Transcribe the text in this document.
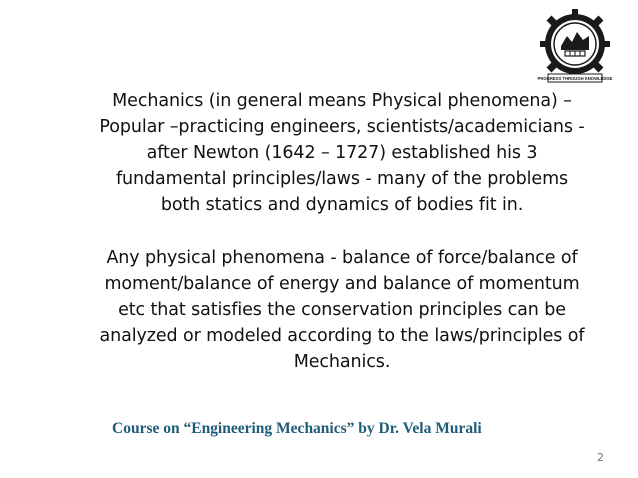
PROGRESS THROUGH KNOWLEDGE

Mechanics (in general means Physical phenomena) –
Popular –practicing engineers, scientists/academicians -
after Newton (1642 – 1727) established his 3
fundamental principles/laws - many of the problems
both statics and dynamics of bodies fit in.

Any physical phenomena - balance of force/balance of
moment/balance of energy and balance of momentum
etc that satisfies the conservation principles can be
analyzed or modeled according to the laws/principles of
Mechanics.

Course on “Engineering Mechanics” by Dr. Vela Murali
2
